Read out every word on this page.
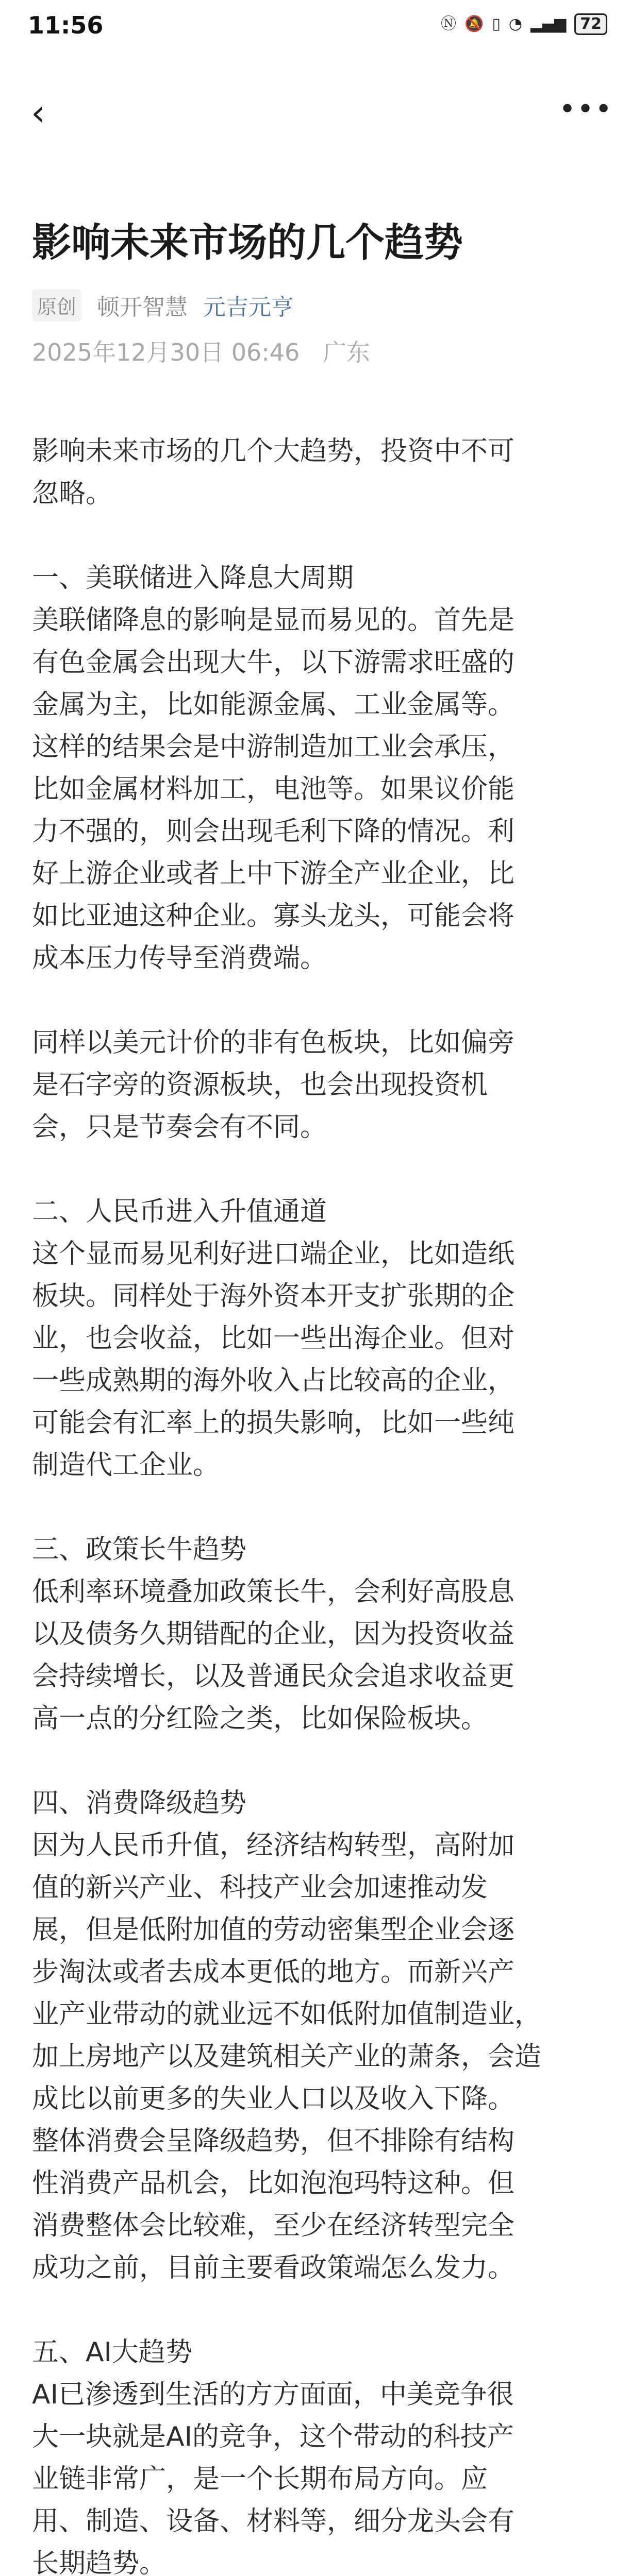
11:56	Ⓝ 🔕 ▯ ◔ ▂▄▆ 72
‹	•••
影响未来市场的几个趋势
原创 顿开智慧 元吉元亨
2025年12月30日 06:46 广东

影响未来市场的几个大趋势，投资中不可

忽略。

一、美联储进入降息大周期

美联储降息的影响是显而易见的。首先是

有色金属会出现大牛，以下游需求旺盛的

金属为主，比如能源金属、工业金属等。

这样的结果会是中游制造加工业会承压，

比如金属材料加工，电池等。如果议价能

力不强的，则会出现毛利下降的情况。利

好上游企业或者上中下游全产业企业，比

如比亚迪这种企业。寡头龙头，可能会将

成本压力传导至消费端。

同样以美元计价的非有色板块，比如偏旁

是石字旁的资源板块，也会出现投资机

会，只是节奏会有不同。

二、人民币进入升值通道

这个显而易见利好进口端企业，比如造纸

板块。同样处于海外资本开支扩张期的企

业，也会收益，比如一些出海企业。但对

一些成熟期的海外收入占比较高的企业，

可能会有汇率上的损失影响，比如一些纯

制造代工企业。

三、政策长牛趋势

低利率环境叠加政策长牛，会利好高股息

以及债务久期错配的企业，因为投资收益

会持续增长，以及普通民众会追求收益更

高一点的分红险之类，比如保险板块。

四、消费降级趋势

因为人民币升值，经济结构转型，高附加

值的新兴产业、科技产业会加速推动发

展，但是低附加值的劳动密集型企业会逐

步淘汰或者去成本更低的地方。而新兴产

业产业带动的就业远不如低附加值制造业，

加上房地产以及建筑相关产业的萧条，会造

成比以前更多的失业人口以及收入下降。

整体消费会呈降级趋势，但不排除有结构

性消费产品机会，比如泡泡玛特这种。但

消费整体会比较难，至少在经济转型完全

成功之前，目前主要看政策端怎么发力。

五、AI大趋势

AI已渗透到生活的方方面面，中美竞争很

大一块就是AI的竞争，这个带动的科技产

业链非常广，是一个长期布局方向。应

用、制造、设备、材料等，细分龙头会有

长期趋势。
